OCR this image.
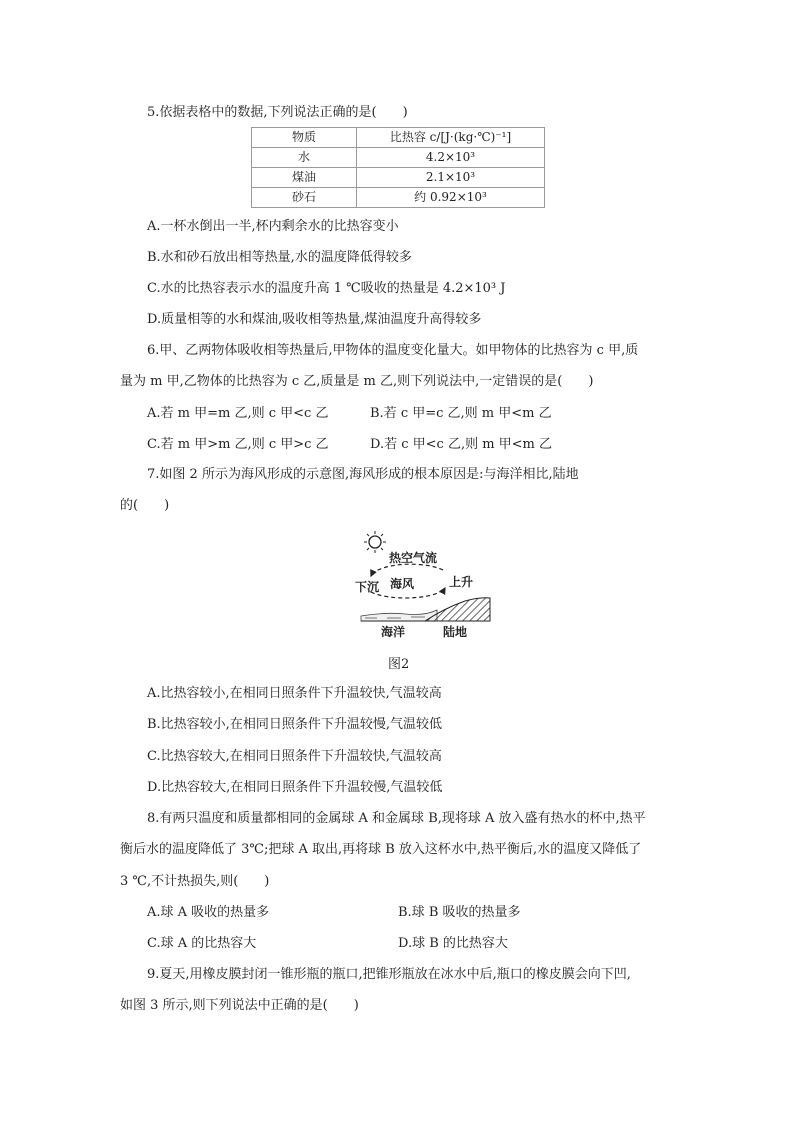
5.依据表格中的数据,下列说法正确的是(　　)
物质	比热容 c/[J·(kg·℃)⁻¹]
水	4.2×10³
煤油	2.1×10³
砂石	约 0.92×10³
A.一杯水倒出一半,杯内剩余水的比热容变小
B.水和砂石放出相等热量,水的温度降低得较多
C.水的比热容表示水的温度升高 1 ℃吸收的热量是 4.2×10³ J
D.质量相等的水和煤油,吸收相等热量,煤油温度升高得较多
6.甲、乙两物体吸收相等热量后,甲物体的温度变化量大。如甲物体的比热容为 c 甲,质
量为 m 甲,乙物体的比热容为 c 乙,质量是 m 乙,则下列说法中,一定错误的是(　　)
A.若 m 甲=m 乙,则 c 甲<c 乙	B.若 c 甲=c 乙,则 m 甲<m 乙
C.若 m 甲>m 乙,则 c 甲>c 乙	D.若 c 甲<c 乙,则 m 甲<m 乙
7.如图 2 所示为海风形成的示意图,海风形成的根本原因是:与海洋相比,陆地
的(　　)
热空气流
下沉 海风	上升
海洋	陆地
图2
A.比热容较小,在相同日照条件下升温较快,气温较高
B.比热容较小,在相同日照条件下升温较慢,气温较低
C.比热容较大,在相同日照条件下升温较快,气温较高
D.比热容较大,在相同日照条件下升温较慢,气温较低
8.有两只温度和质量都相同的金属球 A 和金属球 B,现将球 A 放入盛有热水的杯中,热平
衡后水的温度降低了 3℃;把球 A 取出,再将球 B 放入这杯水中,热平衡后,水的温度又降低了
3 ℃,不计热损失,则(　　)
A.球 A 吸收的热量多	B.球 B 吸收的热量多
C.球 A 的比热容大	D.球 B 的比热容大
9.夏天,用橡皮膜封闭一锥形瓶的瓶口,把锥形瓶放在冰水中后,瓶口的橡皮膜会向下凹,
如图 3 所示,则下列说法中正确的是(　　)
